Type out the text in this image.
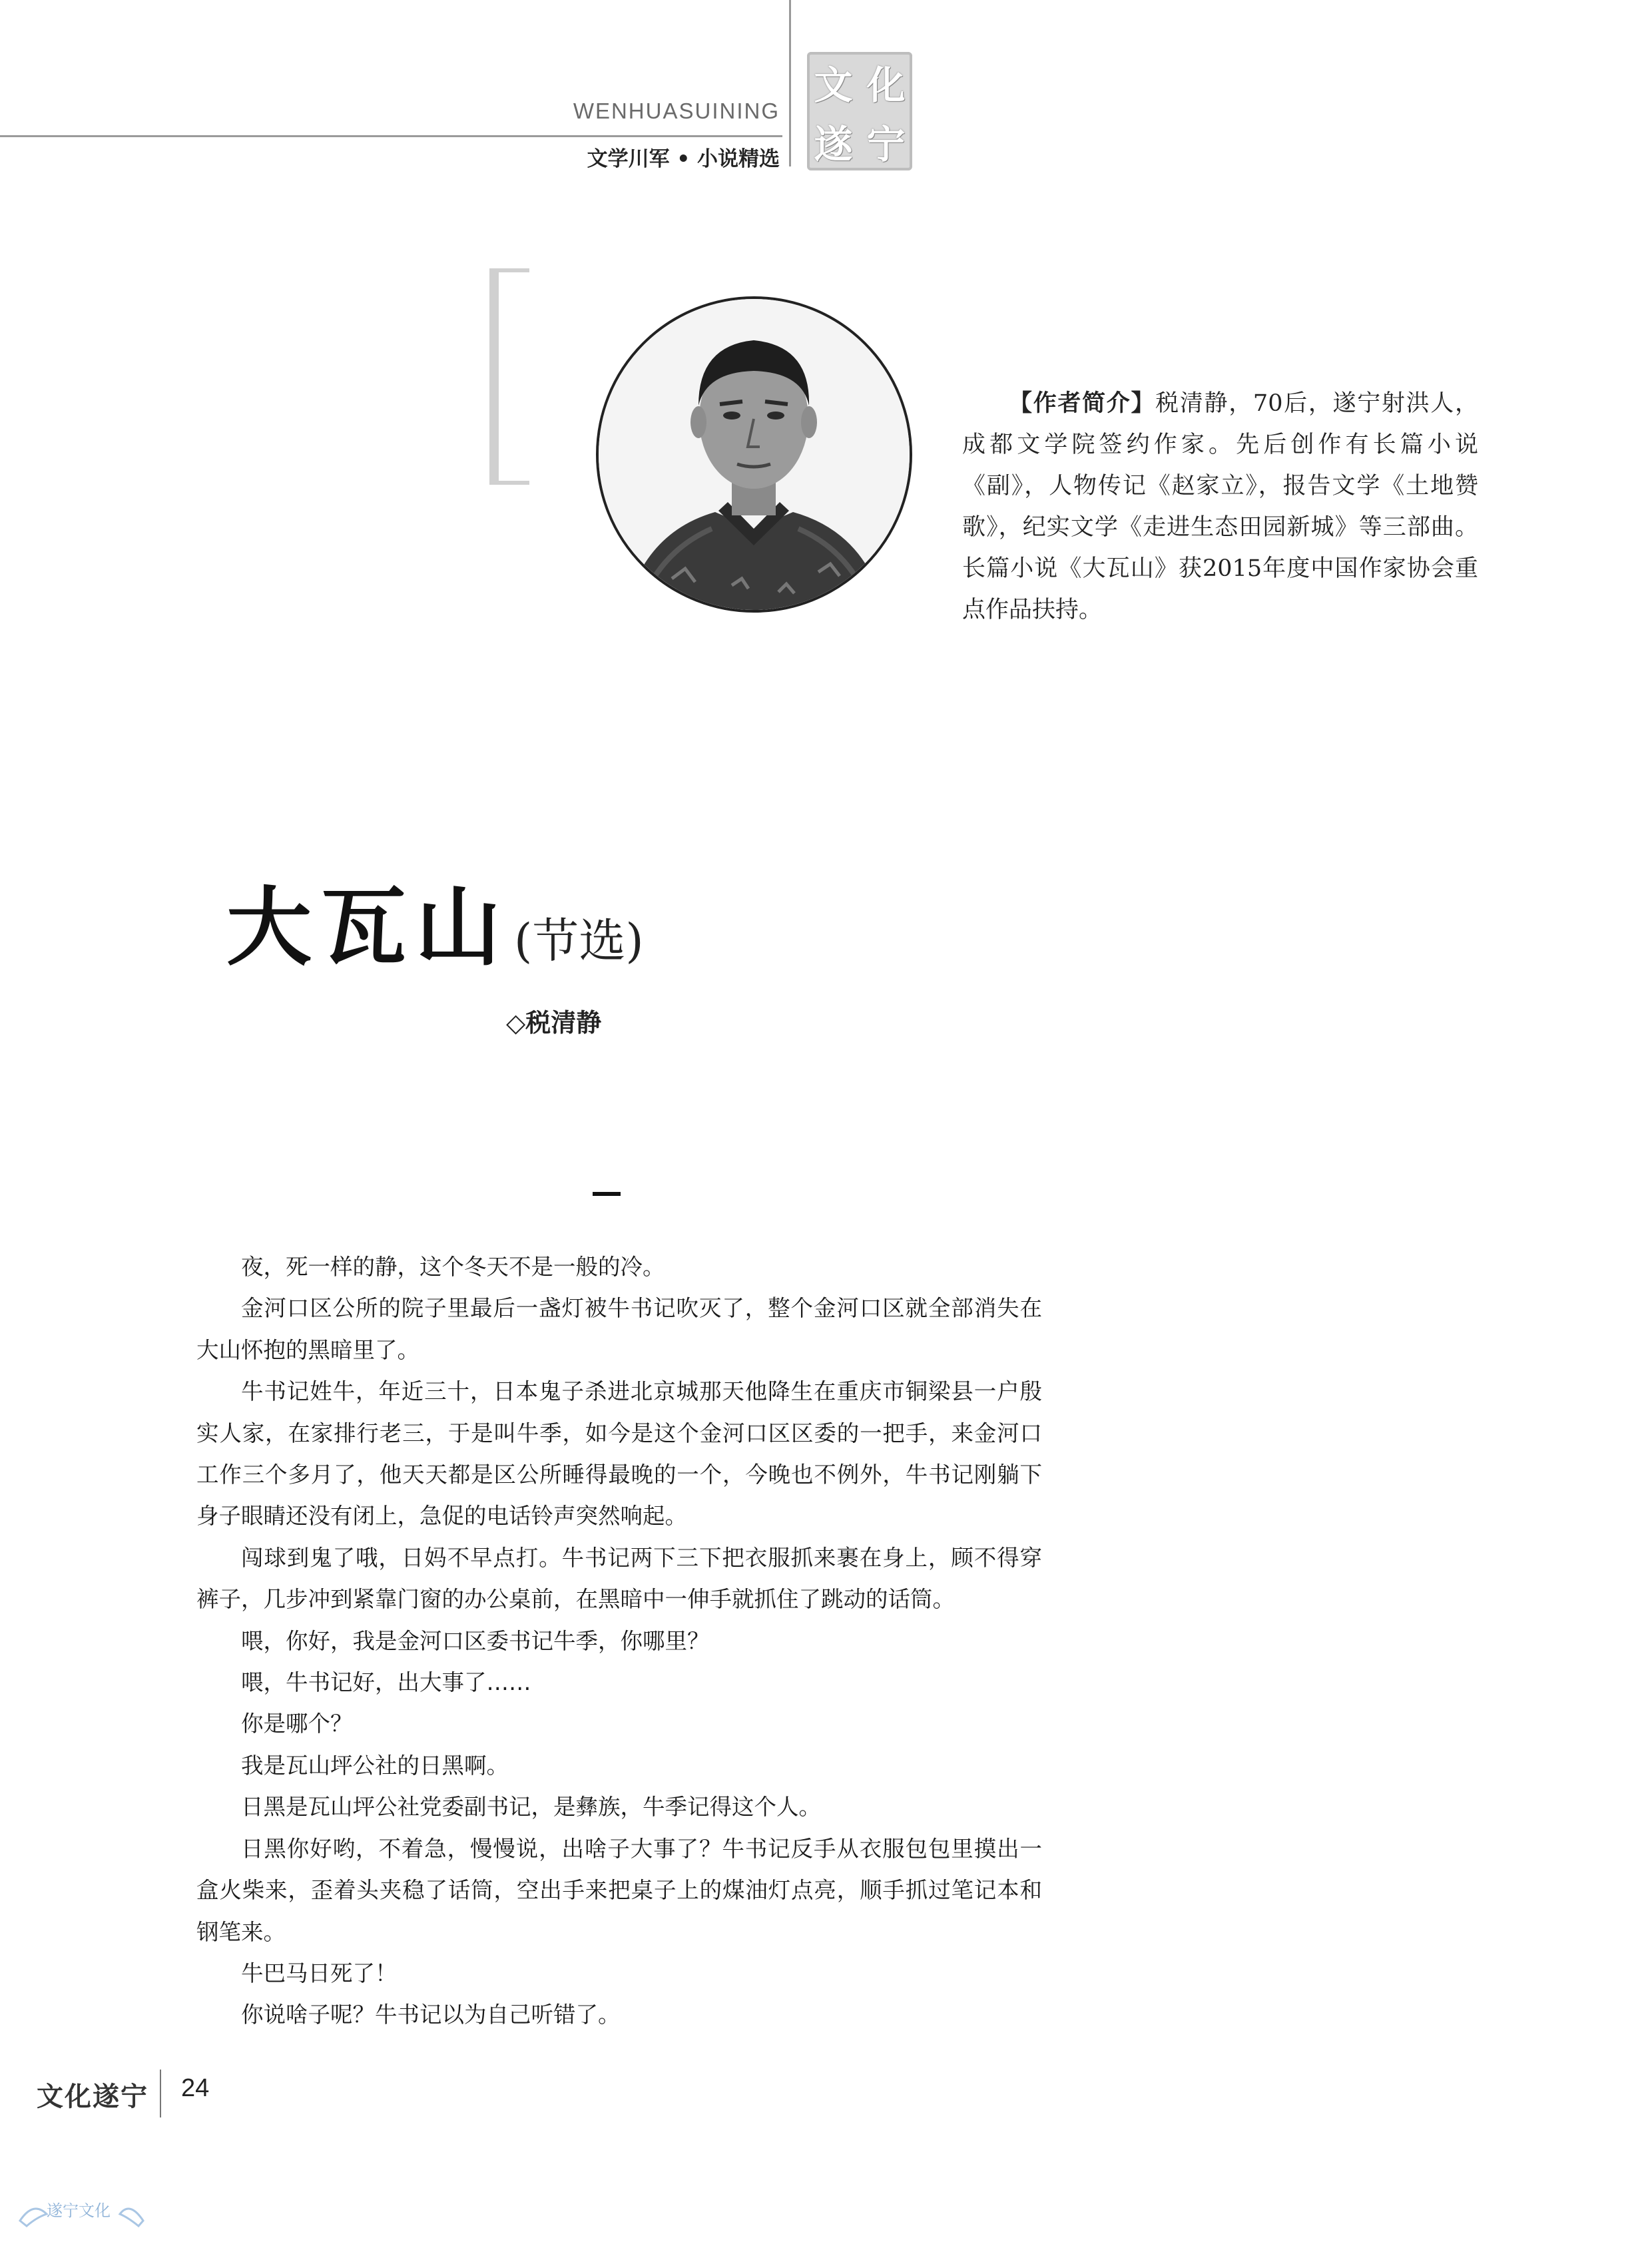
WENHUASUINING
文学川军 • 小说精选
文 化
遂 宁
【作者简介】税清静，70后，遂宁射洪人，成都文学院签约作家。先后创作有长篇小说《副》，人物传记《赵家立》，报告文学《土地赞歌》，纪实文学《走进生态田园新城》等三部曲。长篇小说《大瓦山》获2015年度中国作家协会重点作品扶持。
大瓦山(节选)
◇税清静

夜，死一样的静，这个冬天不是一般的冷。

金河口区公所的院子里最后一盏灯被牛书记吹灭了，整个金河口区就全部消失在大山怀抱的黑暗里了。

牛书记姓牛，年近三十，日本鬼子杀进北京城那天他降生在重庆市铜梁县一户殷实人家，在家排行老三，于是叫牛季，如今是这个金河口区区委的一把手，来金河口工作三个多月了，他天天都是区公所睡得最晚的一个，今晚也不例外，牛书记刚躺下身子眼睛还没有闭上，急促的电话铃声突然响起。

闯球到鬼了哦，日妈不早点打。牛书记两下三下把衣服抓来裹在身上，顾不得穿裤子，几步冲到紧靠门窗的办公桌前，在黑暗中一伸手就抓住了跳动的话筒。

喂，你好，我是金河口区委书记牛季，你哪里？

喂，牛书记好，出大事了……

你是哪个？

我是瓦山坪公社的日黑啊。

日黑是瓦山坪公社党委副书记，是彝族，牛季记得这个人。

日黑你好哟，不着急，慢慢说，出啥子大事了？牛书记反手从衣服包包里摸出一盒火柴来，歪着头夹稳了话筒，空出手来把桌子上的煤油灯点亮，顺手抓过笔记本和钢笔来。

牛巴马日死了！

你说啥子呢？牛书记以为自己听错了。

文化遂宁 24
遂宁文化
